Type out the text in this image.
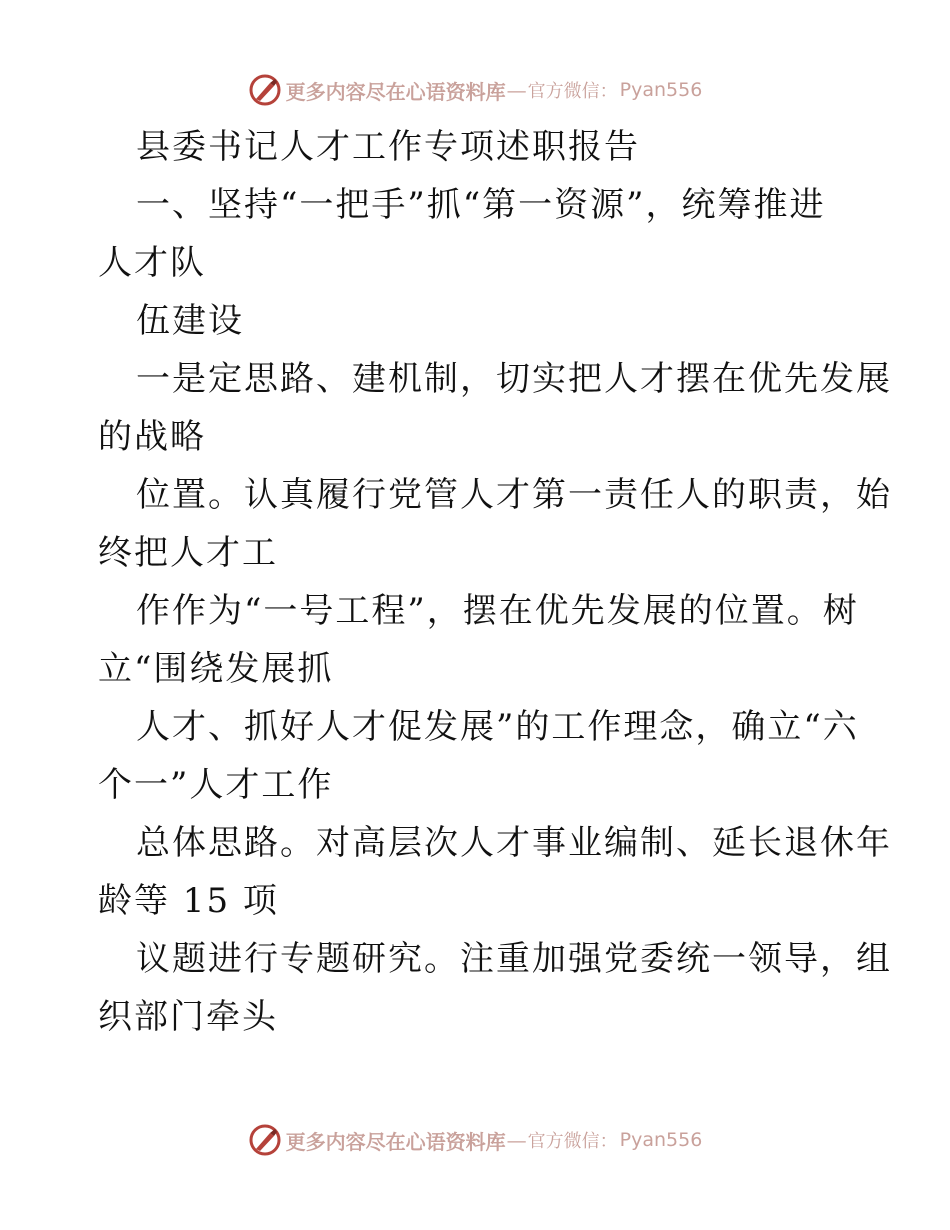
更多内容尽在心语资料库 — 官方微信： Pyan556
县委书记人才工作专项述职报告
一、坚持“一把手”抓“第一资源”，统筹推进
人才队
伍建设
一是定思路、建机制，切实把人才摆在优先发展
的战略
位置。认真履行党管人才第一责任人的职责，始
终把人才工
作作为“一号工程”，摆在优先发展的位置。树
立“围绕发展抓
人才、抓好人才促发展”的工作理念，确立“六
个一”人才工作
总体思路。对高层次人才事业编制、延长退休年
龄等 15 项
议题进行专题研究。注重加强党委统一领导，组
织部门牵头
更多内容尽在心语资料库 — 官方微信： Pyan556
